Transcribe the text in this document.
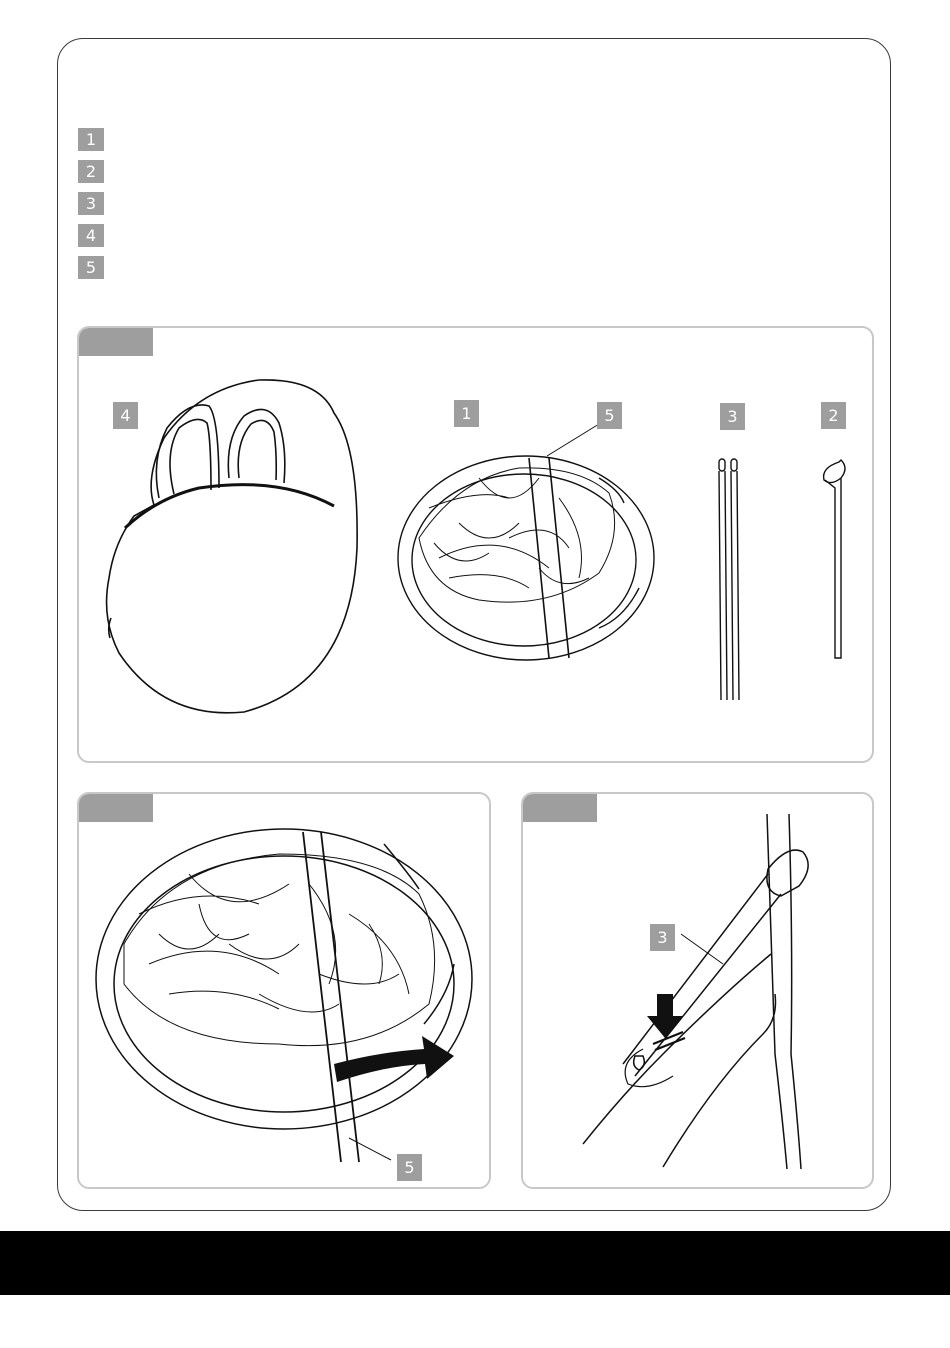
1
2
3
4
5
4	1	5	3	2
5
3
